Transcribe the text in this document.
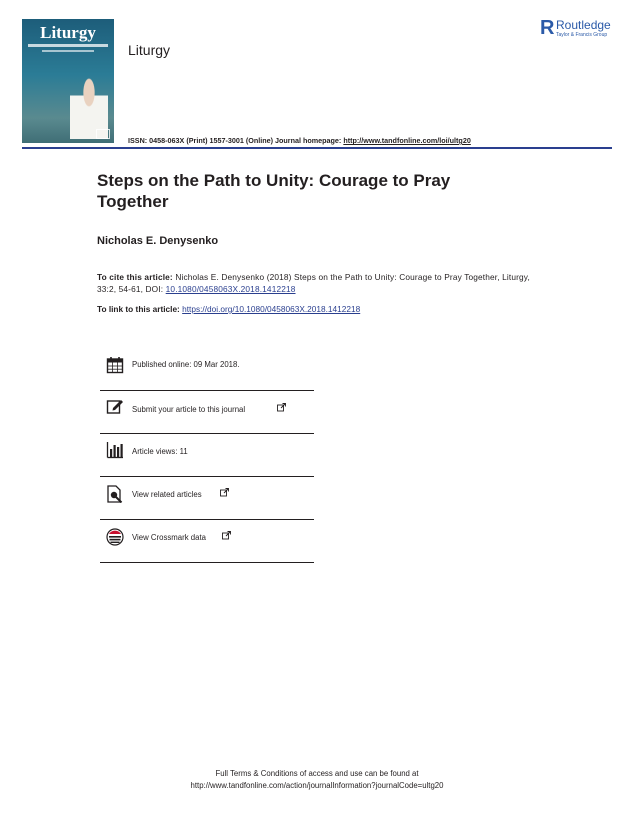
Liturgy
Liturgy
R Routledge
Taylor & Francis Group
ISSN: 0458-063X (Print) 1557-3001 (Online) Journal homepage: http://www.tandfonline.com/loi/ultg20
Steps on the Path to Unity: Courage to Pray Together
Nicholas E. Denysenko
To cite this article: Nicholas E. Denysenko (2018) Steps on the Path to Unity: Courage to Pray Together, Liturgy, 33:2, 54-61, DOI: 10.1080/0458063X.2018.1412218
To link to this article: https://doi.org/10.1080/0458063X.2018.1412218
Published online: 09 Mar 2018.
Submit your article to this journal
Article views: 11
View related articles
View Crossmark data
Full Terms & Conditions of access and use can be found at
http://www.tandfonline.com/action/journalInformation?journalCode=ultg20
